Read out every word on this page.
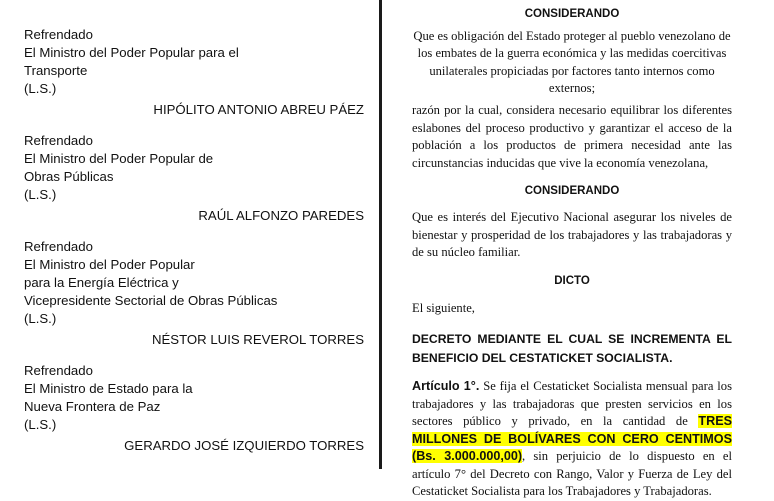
Refrendado
El Ministro del Poder Popular para el
Transporte
(L.S.)
HIPÓLITO ANTONIO ABREU PÁEZ
Refrendado
El Ministro del Poder Popular de
Obras Públicas
(L.S.)
RAÚL ALFONZO PAREDES
Refrendado
El Ministro del Poder Popular
para la Energía Eléctrica y
Vicepresidente Sectorial de Obras Públicas
(L.S.)
NÉSTOR LUIS REVEROL TORRES
Refrendado
El Ministro de Estado para la
Nueva Frontera de Paz
(L.S.)
GERARDO JOSÉ IZQUIERDO TORRES

CONSIDERANDO

Que es obligación del Estado proteger al pueblo venezolano de los embates de la guerra económica y las medidas coercitivas unilaterales propiciadas por factores tanto internos como externos;

razón por la cual, considera necesario equilibrar los diferentes eslabones del proceso productivo y garantizar el acceso de la población a los productos de primera necesidad ante las circunstancias inducidas que vive la economía venezolana,

CONSIDERANDO

Que es interés del Ejecutivo Nacional asegurar los niveles de bienestar y prosperidad de los trabajadores y las trabajadoras y de su núcleo familiar.

DICTO

El siguiente,

DECRETO MEDIANTE EL CUAL SE INCREMENTA EL BENEFICIO DEL CESTATICKET SOCIALISTA.

Artículo 1°. Se fija el Cestaticket Socialista mensual para los trabajadores y las trabajadoras que presten servicios en los sectores público y privado, en la cantidad de TRES MILLONES DE BOLÍVARES CON CERO CENTIMOS (Bs. 3.000.000,00), sin perjuicio de lo dispuesto en el artículo 7° del Decreto con Rango, Valor y Fuerza de Ley del Cestaticket Socialista para los Trabajadores y Trabajadoras.
